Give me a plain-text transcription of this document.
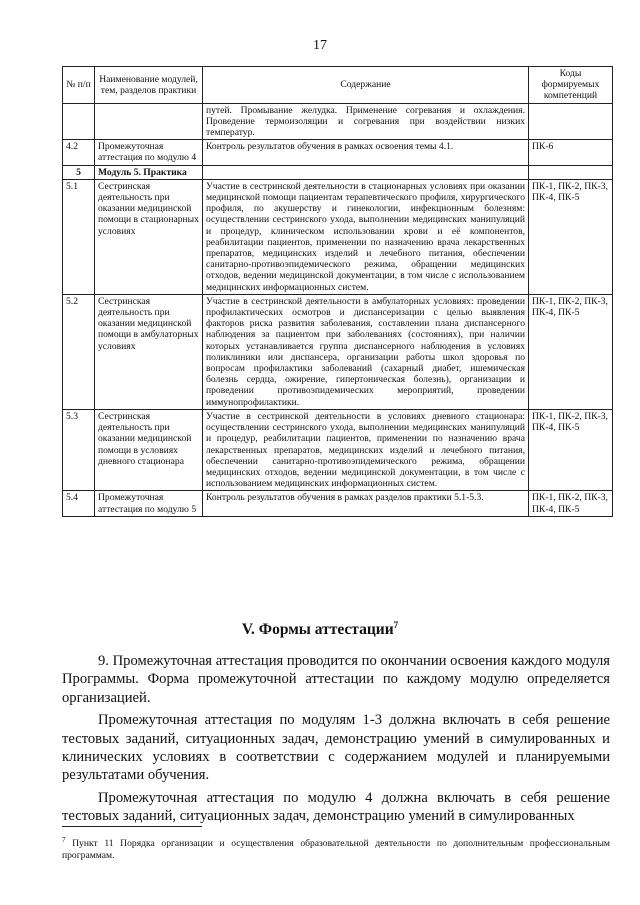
17
№ п/п	Наименование модулей, тем, разделов практики	Содержание	Коды формируемых компетенций
		путей. Промывание желудка. Применение согревания и охлаждения. Проведение термоизоляции и согревания при воздействии низких температур.	
4.2	Промежуточная аттестация по модулю 4	Контроль результатов обучения в рамках освоения темы 4.1.	ПК-6
5	Модуль 5. Практика		
5.1	Сестринская деятельность при оказании медицинской помощи в стационарных условиях	Участие в сестринской деятельности в стационарных условиях при оказании медицинской помощи пациентам терапевтического профиля, хирургического профиля, по акушерству и гинекологии, инфекционным болезням: осуществлении сестринского ухода, выполнении медицинских манипуляций и процедур, клиническом использовании крови и её компонентов, реабилитации пациентов, применении по назначению врача лекарственных препаратов, медицинских изделий и лечебного питания, обеспечении санитарно-противоэпидемического режима, обращении медицинских отходов, ведении медицинской документации, в том числе с использованием медицинских информационных систем.	ПК-1, ПК-2, ПК-3, ПК-4, ПК-5
5.2	Сестринская деятельность при оказании медицинской помощи в амбулаторных условиях	Участие в сестринской деятельности в амбулаторных условиях: проведении профилактических осмотров и диспансеризации с целью выявления факторов риска развития заболевания, составлении плана диспансерного наблюдения за пациентом при заболеваниях (состояниях), при наличии которых устанавливается группа диспансерного наблюдения в условиях поликлиники или диспансера, организации работы школ здоровья по вопросам профилактики заболеваний (сахарный диабет, ишемическая болезнь сердца, ожирение, гипертоническая болезнь), организации и проведении противоэпидемических мероприятий, проведении иммунопрофилактики.	ПК-1, ПК-2, ПК-3, ПК-4, ПК-5
5.3	Сестринская деятельность при оказании медицинской помощи в условиях дневного стационара	Участие в сестринской деятельности в условиях дневного стационара: осуществлении сестринского ухода, выполнении медицинских манипуляций и процедур, реабилитации пациентов, применении по назначению врача лекарственных препаратов, медицинских изделий и лечебного питания, обеспечении санитарно-противоэпидемического режима, обращении медицинских отходов, ведении медицинской документации, в том числе с использованием медицинских информационных систем.	ПК-1, ПК-2, ПК-3, ПК-4, ПК-5
5.4	Промежуточная аттестация по модулю 5	Контроль результатов обучения в рамках разделов практики 5.1-5.3.	ПК-1, ПК-2, ПК-3, ПК-4, ПК-5
V. Формы аттестации$^7$

9. Промежуточная аттестация проводится по окончании освоения каждого модуля Программы. Форма промежуточной аттестации по каждому модулю определяется организацией.

Промежуточная аттестация по модулям 1-3 должна включать в себя решение тестовых заданий, ситуационных задач, демонстрацию умений в симулированных и клинических условиях в соответствии с содержанием модулей и планируемыми результатами обучения.

Промежуточная аттестация по модулю 4 должна включать в себя решение тестовых заданий, ситуационных задач, демонстрацию умений в симулированных

$^7$ Пункт 11 Порядка организации и осуществления образовательной деятельности по дополнительным профессиональным программам.
